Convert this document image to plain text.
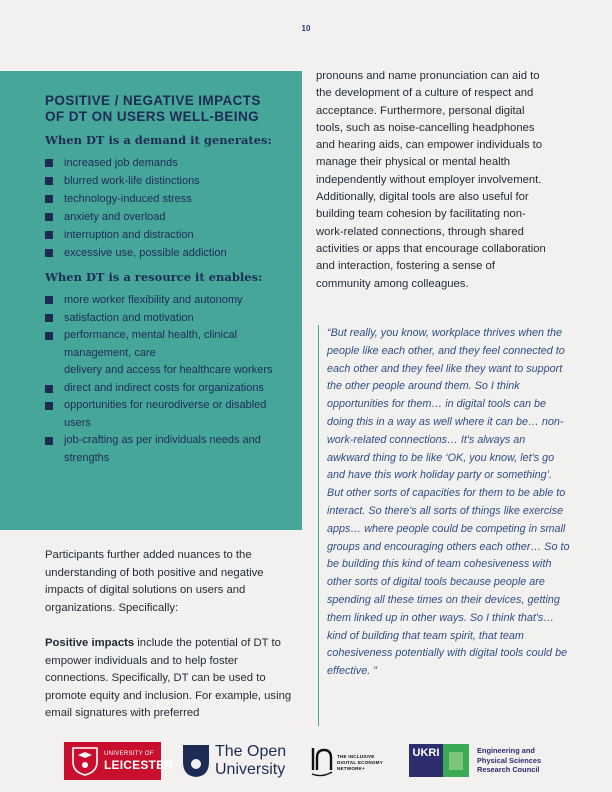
10
POSITIVE / NEGATIVE IMPACTS
OF DT ON USERS WELL-BEING
When DT is a demand it generates:
increased job demands
blurred work-life distinctions
technology-induced stress
anxiety and overload
interruption and distraction
excessive use, possible addiction
When DT is a resource it enables:
more worker flexibility and autonomy
satisfaction and motivation
performance, mental health, clinical management, care
delivery and access for healthcare workers
direct and indirect costs for organizations
opportunities for neurodiverse or disabled users
job-crafting as per individuals needs and strengths

pronouns and name pronunciation can aid to the development of a culture of respect and acceptance. Furthermore, personal digital tools, such as noise-cancelling headphones and hearing aids, can empower individuals to manage their physical or mental health independently without employer involvement. Additionally, digital tools are also useful for building team cohesion by facilitating non-work-related connections, through shared activities or apps that encourage collaboration and interaction, fostering a sense of community among colleagues.

“But really, you know, workplace thrives when the people like each other, and they feel connected to each other and they feel like they want to support the other people around them. So I think opportunities for them… in digital tools can be doing this in a way as well where it can be… non-work-related connections… It's always an awkward thing to be like ‘OK, you know, let's go and have this work holiday party or something’. But other sorts of capacities for them to be able to interact. So there's all sorts of things like exercise apps… where people could be competing in small groups and encouraging others each other… So to be building this kind of team cohesiveness with other sorts of digital tools because people are spending all these times on their devices, getting them linked up in other ways. So I think that's… kind of building that team spirit, that team cohesiveness potentially with digital tools could be effective. ”

Participants further added nuances to the understanding of both positive and negative impacts of digital solutions on users and organizations. Specifically:

Positive impacts include the potential of DT to empower individuals and to help foster connections. Specifically, DT can be used to promote equity and inclusion. For example, using email signatures with preferred

UNIVERSITY OF
LEICESTER
The Open
University
THE INCLUSIVE
DIGITAL ECONOMY
NETWORK+
UKRI	Engineering and
Physical Sciences
Research Council
